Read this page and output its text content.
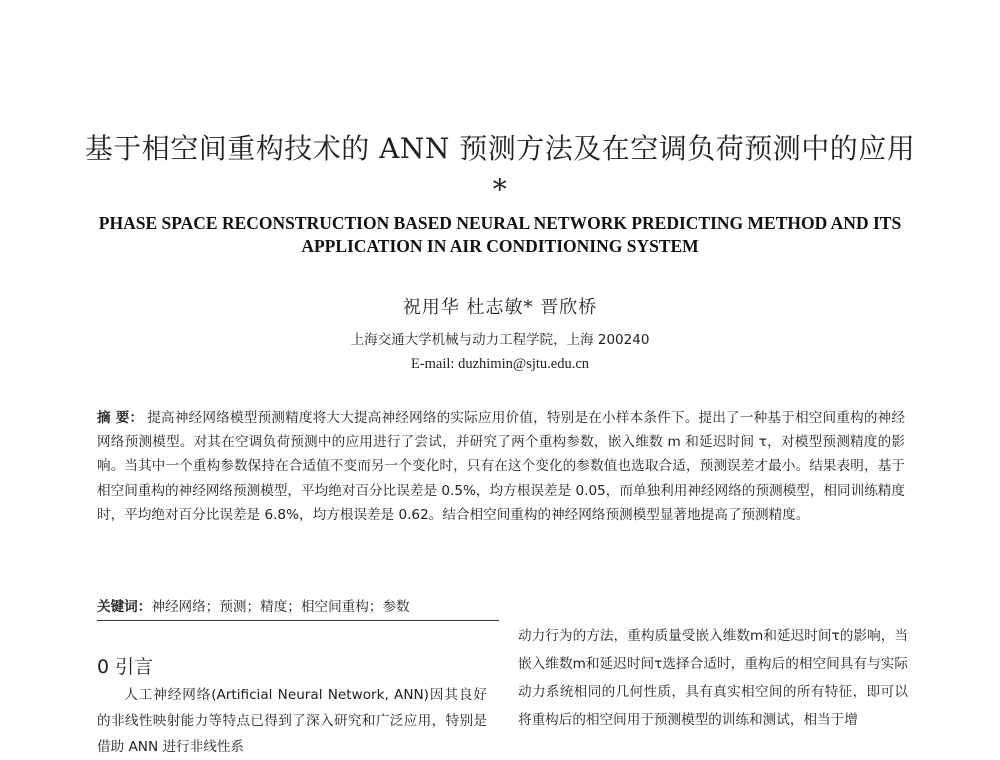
基于相空间重构技术的 ANN 预测方法及在空调负荷预测中的应用*
PHASE SPACE RECONSTRUCTION BASED NEURAL NETWORK PREDICTING METHOD AND ITS APPLICATION IN AIR CONDITIONING SYSTEM
祝用华 杜志敏* 晋欣桥
上海交通大学机械与动力工程学院，上海 200240
E-mail: duzhimin@sjtu.edu.cn
摘 要： 提高神经网络模型预测精度将大大提高神经网络的实际应用价值，特别是在小样本条件下。提出了一种基于相空间重构的神经网络预测模型。对其在空调负荷预测中的应用进行了尝试，并研究了两个重构参数，嵌入维数 m 和延迟时间 τ，对模型预测精度的影响。当其中一个重构参数保持在合适值不变而另一个变化时，只有在这个变化的参数值也选取合适，预测误差才最小。结果表明，基于相空间重构的神经网络预测模型，平均绝对百分比误差是 0.5%，均方根误差是 0.05，而单独利用神经网络的预测模型，相同训练精度时，平均绝对百分比误差是 6.8%，均方根误差是 0.62。结合相空间重构的神经网络预测模型显著地提高了预测精度。
关键词：神经网络；预测；精度；相空间重构；参数
0 引言
人工神经网络(Artificial Neural Network, ANN)因其良好的非线性映射能力等特点已得到了深入研究和广泛应用，特别是借助 ANN 进行非线性系
动力行为的方法，重构质量受嵌入维数m和延迟时间τ的影响，当嵌入维数m和延迟时间τ选择合适时，重构后的相空间具有与实际动力系统相同的几何性质，具有真实相空间的所有特征，即可以将重构后的相空间用于预测模型的训练和测试，相当于增
